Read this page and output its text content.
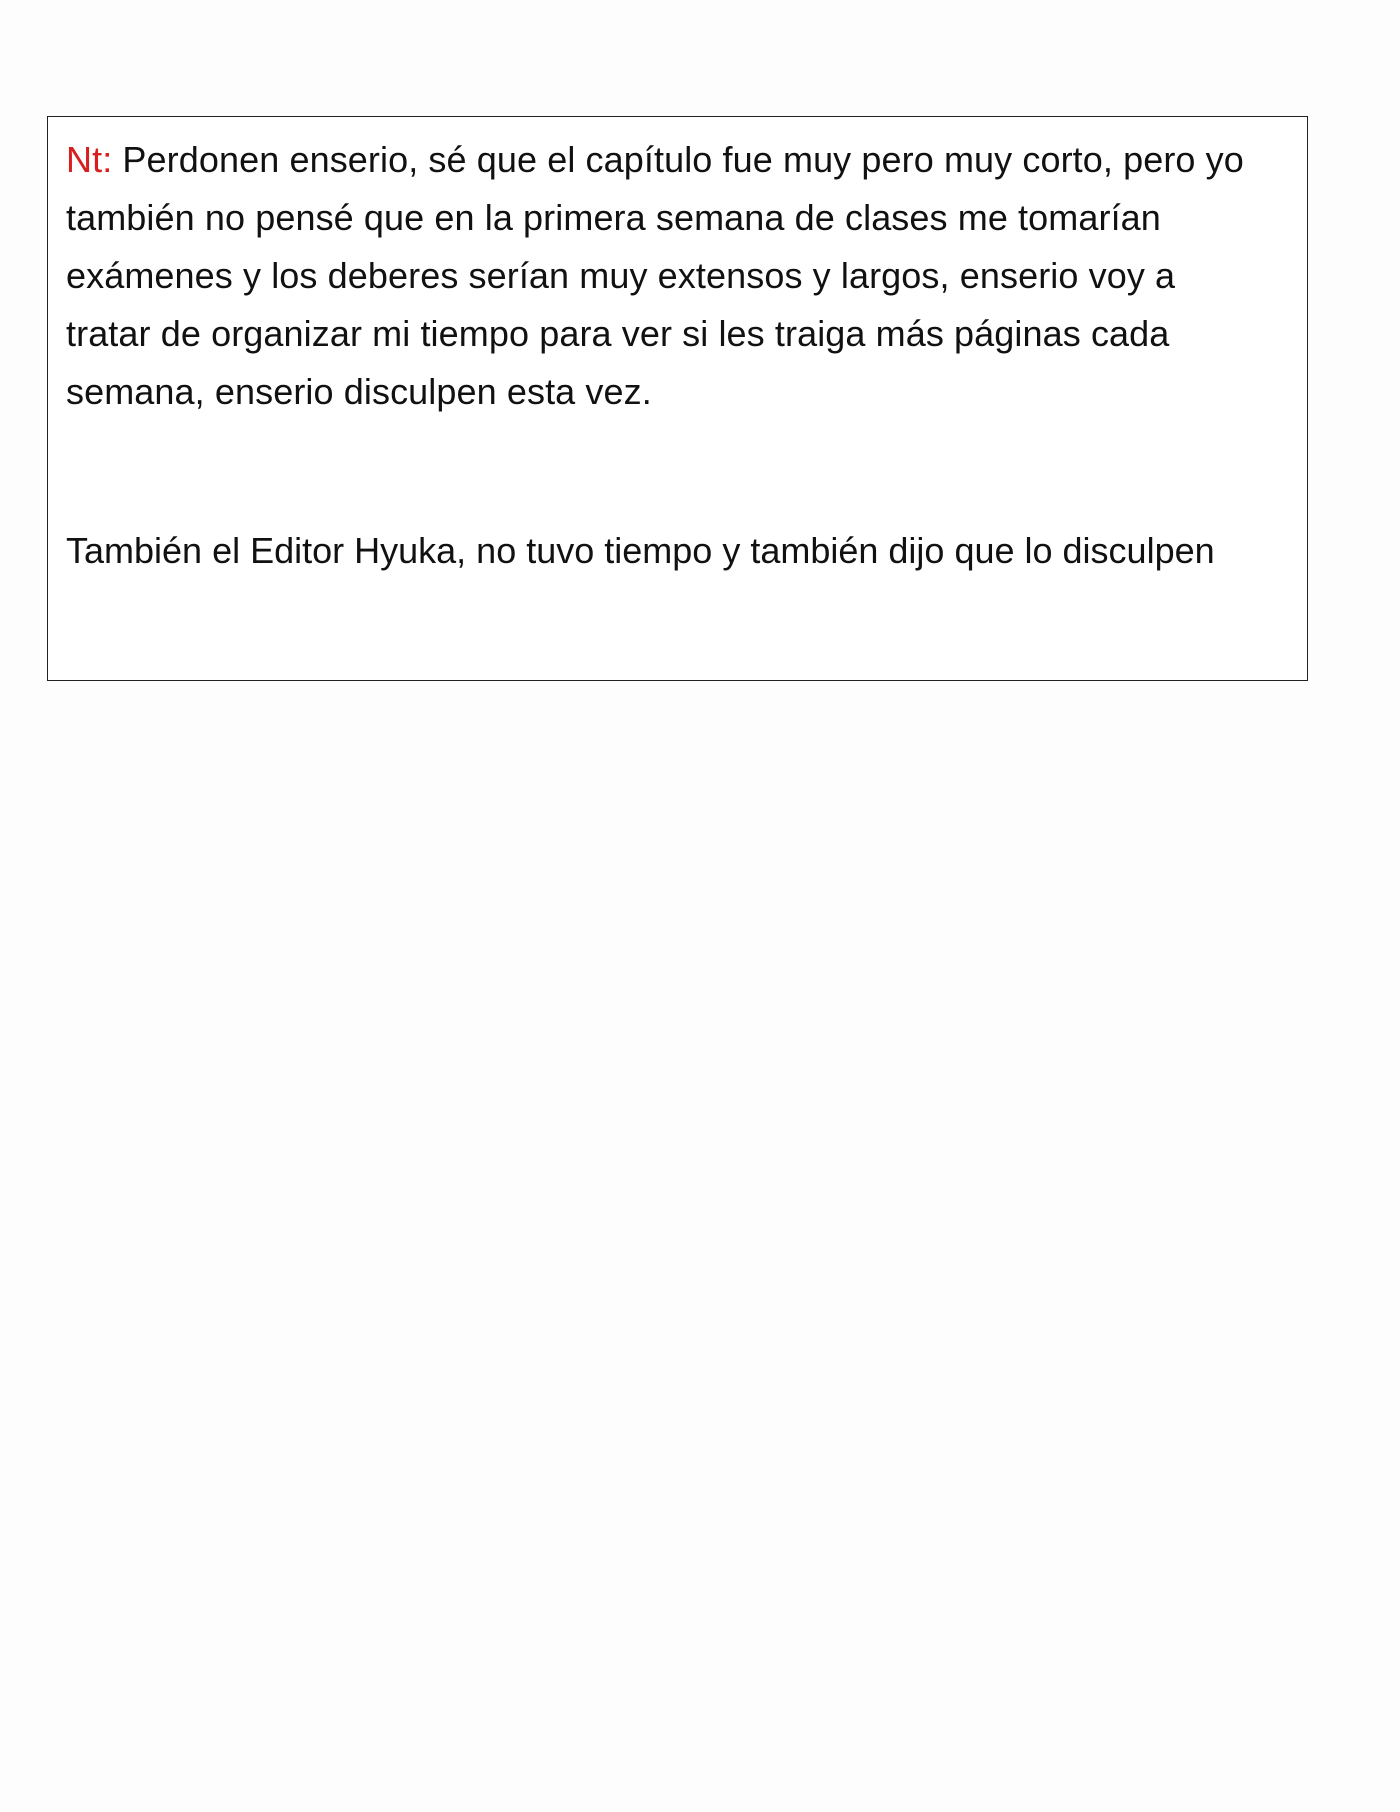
Nt: Perdonen enserio, sé que el capítulo fue muy pero muy corto, pero yo
también no pensé que en la primera semana de clases me tomarían
exámenes y los deberes serían muy extensos y largos, enserio voy a
tratar de organizar mi tiempo para ver si les traiga más páginas cada
semana, enserio disculpen esta vez.

También el Editor Hyuka, no tuvo tiempo y también dijo que lo disculpen
